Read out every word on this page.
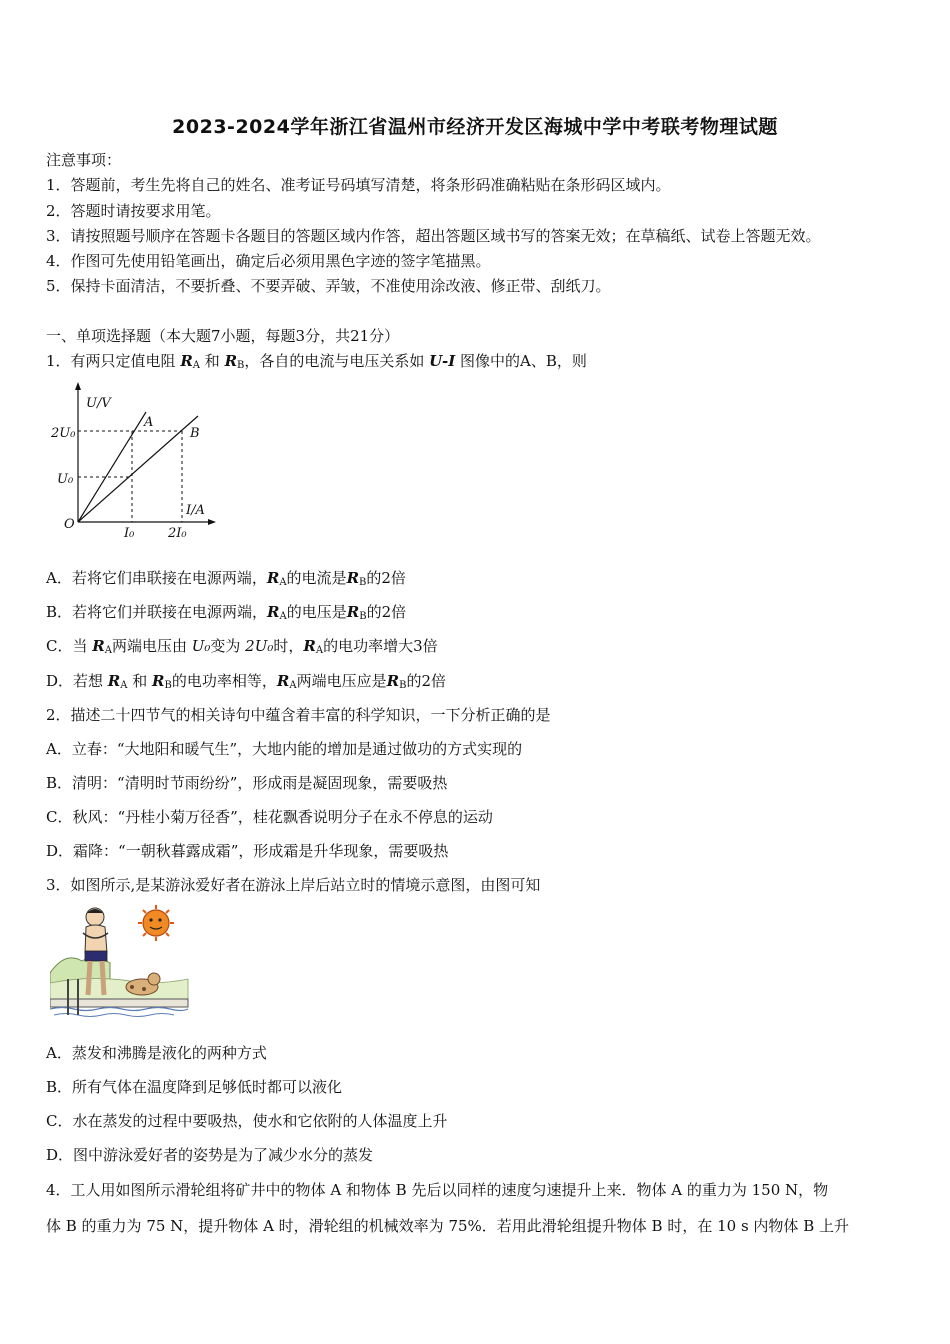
2023-2024学年浙江省温州市经济开发区海城中学中考联考物理试题
注意事项：
1．答题前，考生先将自己的姓名、准考证号码填写清楚，将条形码准确粘贴在条形码区域内。
2．答题时请按要求用笔。
3．请按照题号顺序在答题卡各题目的答题区域内作答，超出答题区域书写的答案无效；在草稿纸、试卷上答题无效。
4．作图可先使用铅笔画出，确定后必须用黑色字迹的签字笔描黑。
5．保持卡面清洁，不要折叠、不要弄破、弄皱，不准使用涂改液、修正带、刮纸刀。
一、单项选择题（本大题7小题，每题3分，共21分）
1．有两只定值电阻 $R_A$ 和 $R_B$，各自的电流与电压关系如 U-I 图像中的A、B，则
U/V
I/A
O
2U₀
U₀
I₀	2I₀
A
B
A．若将它们串联接在电源两端，$R_A$的电流是$R_B$的2倍
B．若将它们并联接在电源两端，$R_A$的电压是$R_B$的2倍
C．当 $R_A$两端电压由 U₀变为 2U₀时，$R_A$的电功率增大3倍
D．若想 $R_A$ 和 $R_B$的电功率相等，$R_A$两端电压应是$R_B$的2倍
2．描述二十四节气的相关诗句中蕴含着丰富的科学知识，一下分析正确的是
A．立春：“大地阳和暖气生”，大地内能的增加是通过做功的方式实现的
B．清明：“清明时节雨纷纷”，形成雨是凝固现象，需要吸热
C．秋风：“丹桂小菊万径香”，桂花飘香说明分子在永不停息的运动
D．霜降：“一朝秋暮露成霜”，形成霜是升华现象，需要吸热
3．如图所示,是某游泳爱好者在游泳上岸后站立时的情境示意图，由图可知
A．蒸发和沸腾是液化的两种方式
B．所有气体在温度降到足够低时都可以液化
C．水在蒸发的过程中要吸热，使水和它依附的人体温度上升
D．图中游泳爱好者的姿势是为了减少水分的蒸发
4．工人用如图所示滑轮组将矿井中的物体 A 和物体 B 先后以同样的速度匀速提升上来．物体 A 的重力为 150 N，物
体 B 的重力为 75 N，提升物体 A 时，滑轮组的机械效率为 75%．若用此滑轮组提升物体 B 时，在 10 s 内物体 B 上升
